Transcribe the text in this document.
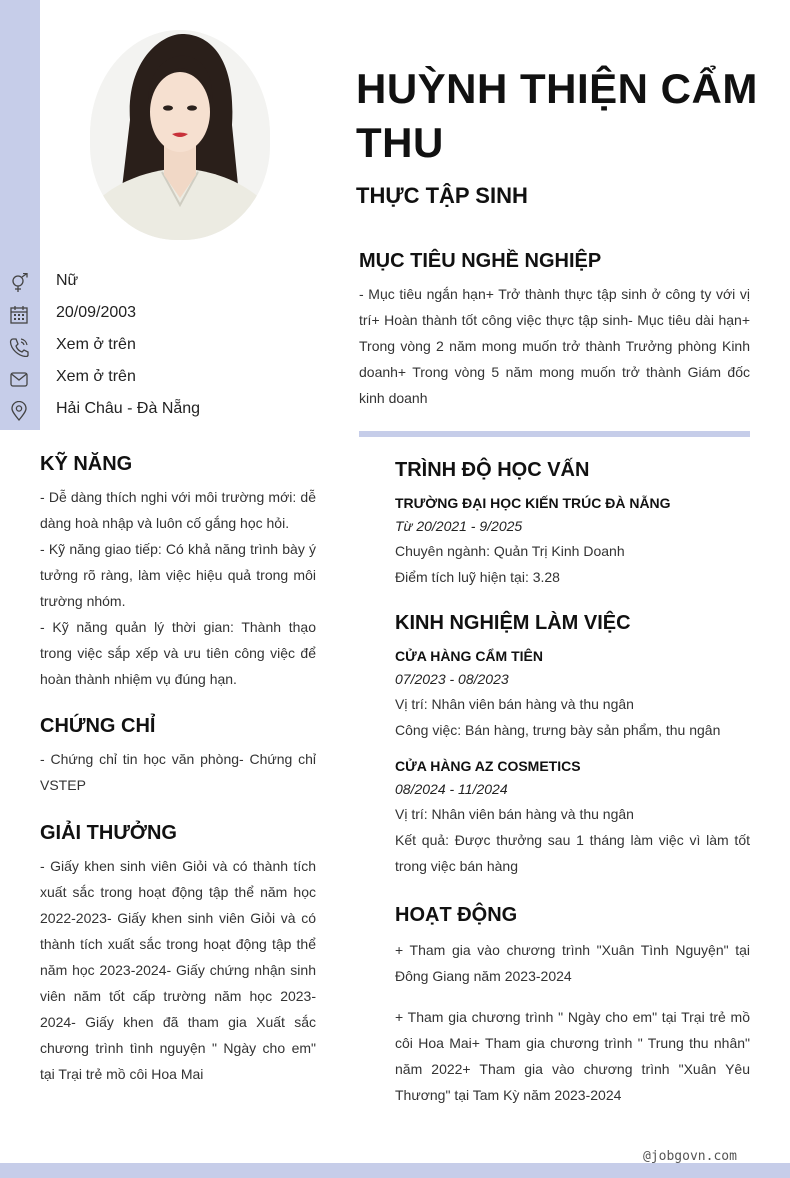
HUỲNH THIỆN CẨM THU
THỰC TẬP SINH
Nữ
20/09/2003
Xem ở trên
Xem ở trên
Hải Châu - Đà Nẵng
MỤC TIÊU NGHỀ NGHIỆP

- Mục tiêu ngắn hạn+ Trở thành thực tập sinh ở công ty với vị trí+ Hoàn thành tốt công việc thực tập sinh- Mục tiêu dài hạn+ Trong vòng 2 năm mong muốn trở thành Trưởng phòng Kinh doanh+ Trong vòng 5 năm mong muốn trở thành Giám đốc kinh doanh

KỸ NĂNG

- Dễ dàng thích nghi với môi trường mới: dễ dàng hoà nhập và luôn cố gắng học hỏi.

- Kỹ năng giao tiếp: Có khả năng trình bày ý tưởng rõ ràng, làm việc hiệu quả trong môi trường nhóm.

- Kỹ năng quản lý thời gian: Thành thạo trong việc sắp xếp và ưu tiên công việc để hoàn thành nhiệm vụ đúng hạn.

CHỨNG CHỈ

- Chứng chỉ tin học văn phòng- Chứng chỉ VSTEP

GIẢI THƯỞNG

- Giấy khen sinh viên Giỏi và có thành tích xuất sắc trong hoạt động tập thể năm học 2022-2023- Giấy khen sinh viên Giỏi và có thành tích xuất sắc trong hoạt động tập thể năm học 2023-2024- Giấy chứng nhận sinh viên năm tốt cấp trường năm học 2023-2024- Giấy khen đã tham gia Xuất sắc chương trình tình nguyện " Ngày cho em" tại Trại trẻ mồ côi Hoa Mai

TRÌNH ĐỘ HỌC VẤN

TRƯỜNG ĐẠI HỌC KIẾN TRÚC ĐÀ NẴNG

Từ 20/2021 - 9/2025

Chuyên ngành: Quản Trị Kinh Doanh

Điểm tích luỹ hiện tại: 3.28

KINH NGHIỆM LÀM VIỆC

CỬA HÀNG CẨM TIÊN

07/2023 - 08/2023

Vị trí: Nhân viên bán hàng và thu ngân

Công việc: Bán hàng, trưng bày sản phẩm, thu ngân

CỬA HÀNG AZ COSMETICS

08/2024 - 11/2024

Vị trí: Nhân viên bán hàng và thu ngân

Kết quả: Được thưởng sau 1 tháng làm việc vì làm tốt trong việc bán hàng

HOẠT ĐỘNG

+ Tham gia vào chương trình "Xuân Tình Nguyện" tại Đông Giang năm 2023-2024

+ Tham gia chương trình " Ngày cho em" tại Trại trẻ mồ côi Hoa Mai+ Tham gia chương trình " Trung thu nhân" năm 2022+ Tham gia vào chương trình "Xuân Yêu Thương" tại Tam Kỳ năm 2023-2024

@jobgovn.com
